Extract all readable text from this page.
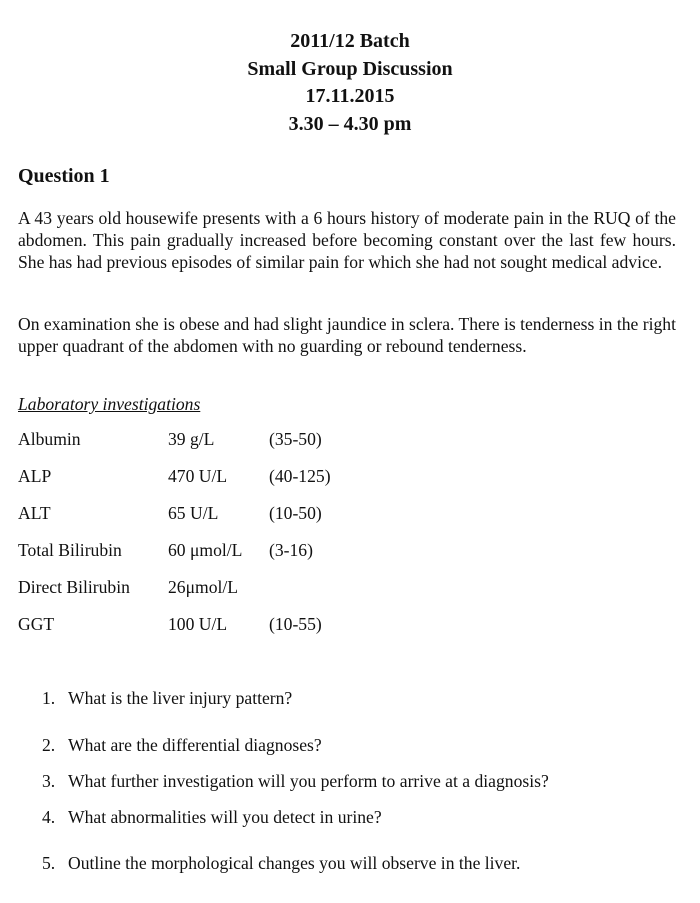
2011/12 Batch
Small Group Discussion
17.11.2015
3.30 – 4.30 pm
Question 1
A 43 years old housewife presents with a 6 hours history of moderate pain in the RUQ of the abdomen. This pain gradually increased before becoming constant over the last few hours. She has had previous episodes of similar pain for which she had not sought medical advice.
On examination she is obese and had slight jaundice in sclera. There is tenderness in the right upper quadrant of the abdomen with no guarding or rebound tenderness.
Laboratory investigations
Albumin	39 g/L	(35-50)
ALP	470 U/L (40-125)
ALT	65 U/L	(10-50)
Total Bilirubin	60 μmol/L (3-16)
Direct Bilirubin 26μmol/L
GGT	100 U/L (10-55)
1. What is the liver injury pattern?
2. What are the differential diagnoses?
3. What further investigation will you perform to arrive at a diagnosis?
4. What abnormalities will you detect in urine?
5. Outline the morphological changes you will observe in the liver.
